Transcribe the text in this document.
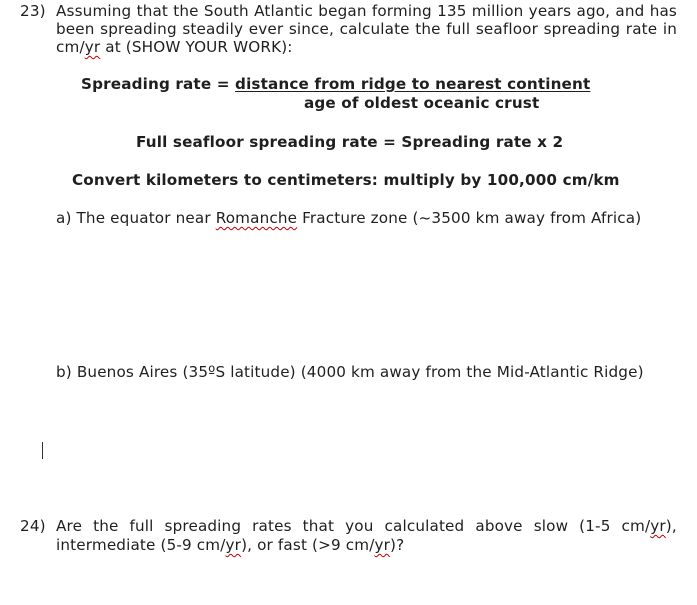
23) Assuming that the South Atlantic began forming 135 million years ago, and has
been spreading steadily ever since, calculate the full seafloor spreading rate in
cm/yr at (SHOW YOUR WORK):
Spreading rate = distance from ridge to nearest continent
age of oldest oceanic crust
Full seafloor spreading rate = Spreading rate x 2
Convert kilometers to centimeters: multiply by 100,000 cm/km
a) The equator near Romanche Fracture zone (~3500 km away from Africa)
b) Buenos Aires (35ºS latitude) (4000 km away from the Mid-Atlantic Ridge)
24) Are the full spreading rates that you calculated above slow (1-5 cm/yr),
intermediate (5-9 cm/yr), or fast (>9 cm/yr)?
